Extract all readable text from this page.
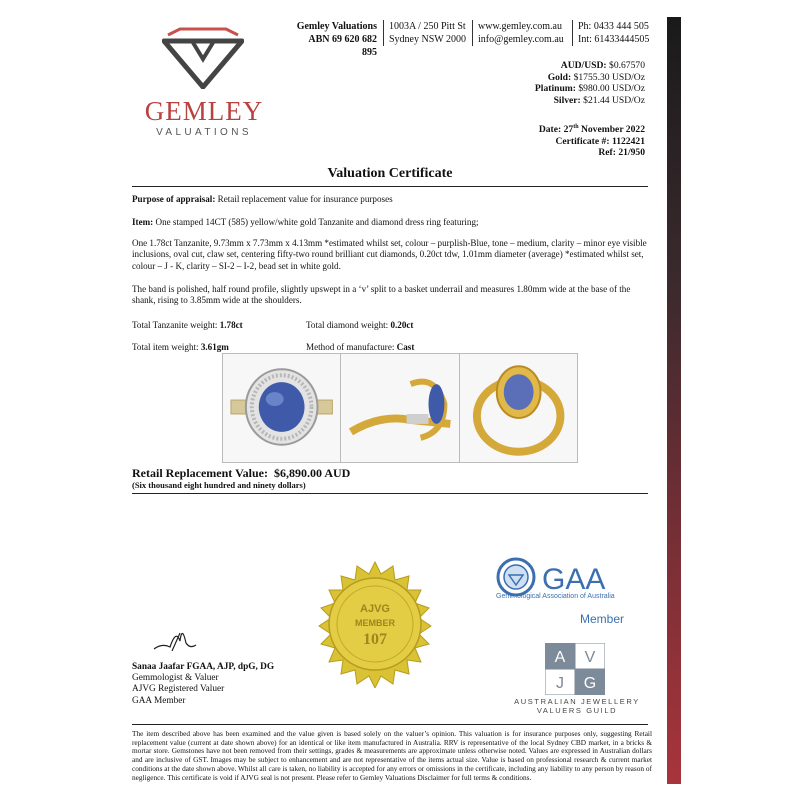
GEMLEY
VALUATIONS
Gemley Valuations
ABN 69 620 682 895
1003A / 250 Pitt St
Sydney NSW 2000
www.gemley.com.au
info@gemley.com.au
Ph: 0433 444 505
Int: 61433444505
AUD/USD: $0.67570
Gold: $1755.30 USD/Oz
Platinum: $980.00 USD/Oz
Silver: $21.44 USD/Oz
Date: 27th November 2022
Certificate #: 1122421
Ref: 21/950
Valuation Certificate
Purpose of appraisal: Retail replacement value for insurance purposes
Item: One stamped 14CT (585) yellow/white gold Tanzanite and diamond dress ring featuring;
One 1.78ct Tanzanite, 9.73mm x 7.73mm x 4.13mm *estimated whilst set, colour – purplish-Blue, tone – medium, clarity – minor eye visible inclusions, oval cut, claw set, centering fifty-two round brilliant cut diamonds, 0.20ct tdw, 1.01mm diameter (average) *estimated whilst set, colour – J - K, clarity – SI-2 – I-2, bead set in white gold.
The band is polished, half round profile, slightly upswept in a ‘v’ split to a basket underrail and measures 1.80mm wide at the base of the shank, rising to 3.85mm wide at the shoulders.
Total Tanzanite weight: 1.78ct	Total diamond weight: 0.20ct
Total item weight: 3.61gm	Method of manufacture: Cast
Retail Replacement Value: $6,890.00 AUD
(Six thousand eight hundred and ninety dollars)
Sanaa Jaafar FGAA, AJP, dpG, DG
Gemmologist & Valuer
AJVG Registered Valuer
GAA Member
AJVG
MEMBER
107
GAA
Gemmological Association of Australia
Member
A V
J G
AUSTRALIAN JEWELLERY
VALUERS GUILD
The item described above has been examined and the value given is based solely on the valuer’s opinion. This valuation is for insurance purposes only, suggesting Retail replacement value (current at date shown above) for an identical or like item manufactured in Australia. RRV is representative of the local Sydney CBD market, in a bricks & mortar store. Gemstones have not been removed from their settings, grades & measurements are approximate unless otherwise noted. Values are expressed in Australian dollars and are inclusive of GST. Images may be subject to enhancement and are not representative of the items actual size. Value is based on professional research & current market conditions at the date shown above. Whilst all care is taken, no liability is accepted for any errors or omissions in the certificate, including any liability to any person by reason of negligence. This certificate is void if AJVG seal is not present. Please refer to Gemley Valuations Disclaimer for full terms & conditions.
